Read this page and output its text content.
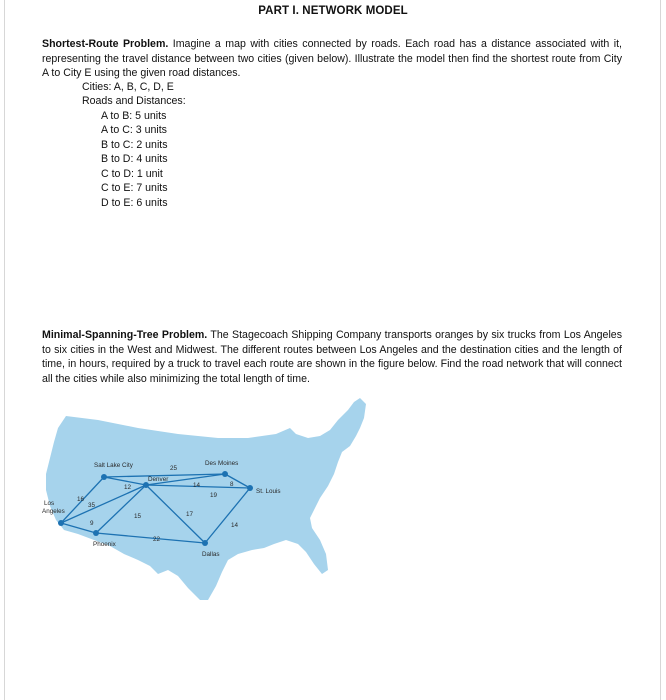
PART I. NETWORK MODEL
Shortest-Route Problem. Imagine a map with cities connected by roads. Each road has a distance associated with it, representing the travel distance between two cities (given below). Illustrate the model then find the shortest route from City A to City E using the given road distances.
Cities: A, B, C, D, E
Roads and Distances:
A to B: 5 units
A to C: 3 units
B to C: 2 units
B to D: 4 units
C to D: 1 unit
C to E: 7 units
D to E: 6 units
Minimal-Spanning-Tree Problem. The Stagecoach Shipping Company transports oranges by six trucks from Los Angeles to six cities in the West and Midwest. The different routes between Los Angeles and the destination cities and the length of time, in hours, required by a truck to travel each route are shown in the figure below. Find the road network that will connect all the cities while also minimizing the total length of time.
Salt Lake City
Denver
Des Moines
St. Louis
Los
Angeles
Phoenix
Dallas
16
35
9
12
25
15
14
19
17
8
22
14
